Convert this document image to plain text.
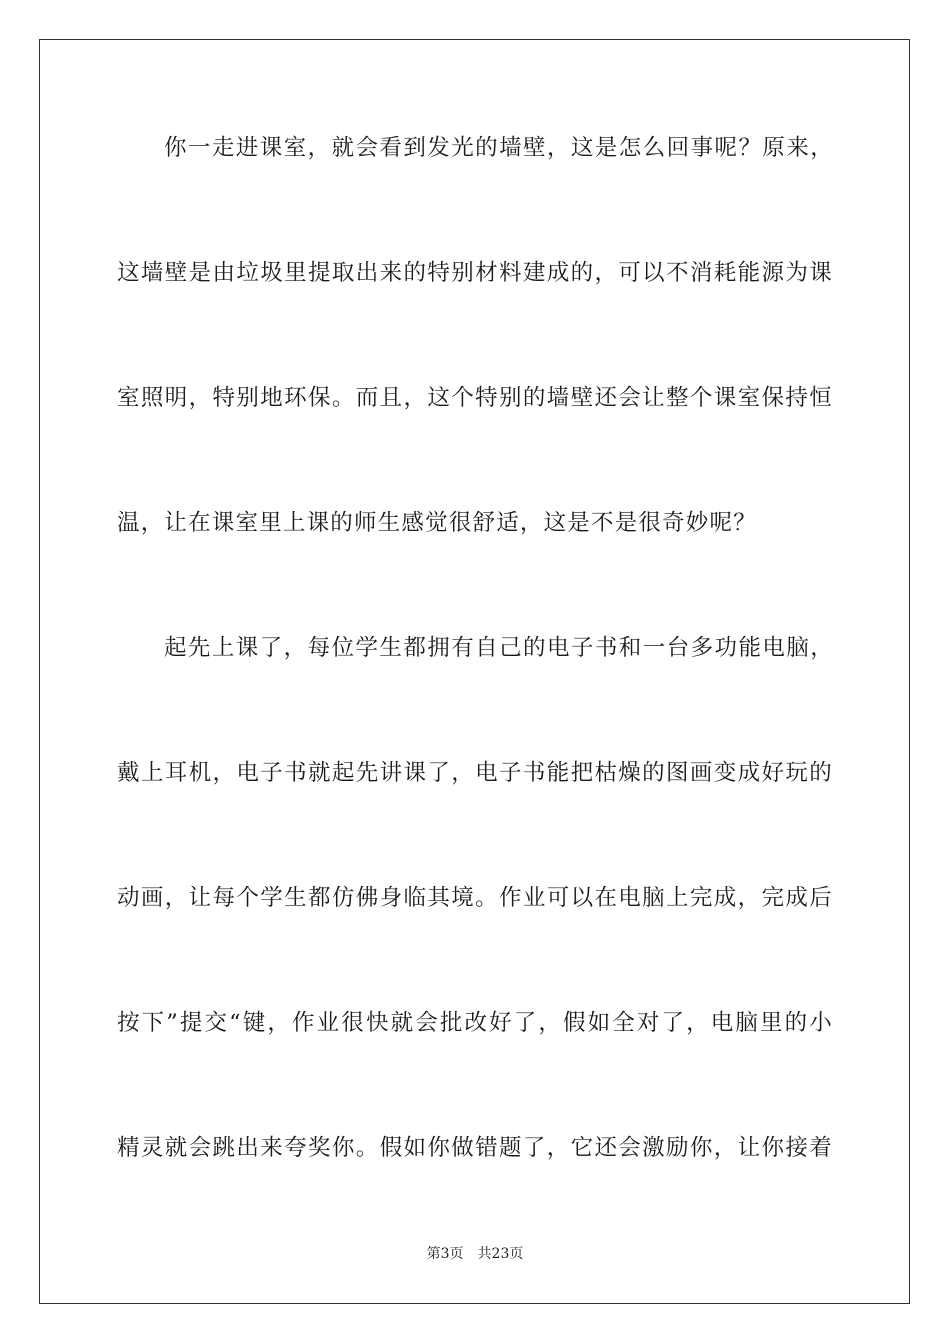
你一走进课室，就会看到发光的墙壁，这是怎么回事呢？原来，
这墙壁是由垃圾里提取出来的特别材料建成的，可以不消耗能源为课
室照明，特别地环保。而且，这个特别的墙壁还会让整个课室保持恒
温，让在课室里上课的师生感觉很舒适，这是不是很奇妙呢？
起先上课了，每位学生都拥有自己的电子书和一台多功能电脑，
戴上耳机，电子书就起先讲课了，电子书能把枯燥的图画变成好玩的
动画，让每个学生都仿佛身临其境。作业可以在电脑上完成，完成后
按下”提交“键，作业很快就会批改好了，假如全对了，电脑里的小
精灵就会跳出来夸奖你。假如你做错题了，它还会激励你，让你接着
第3页 共23页
